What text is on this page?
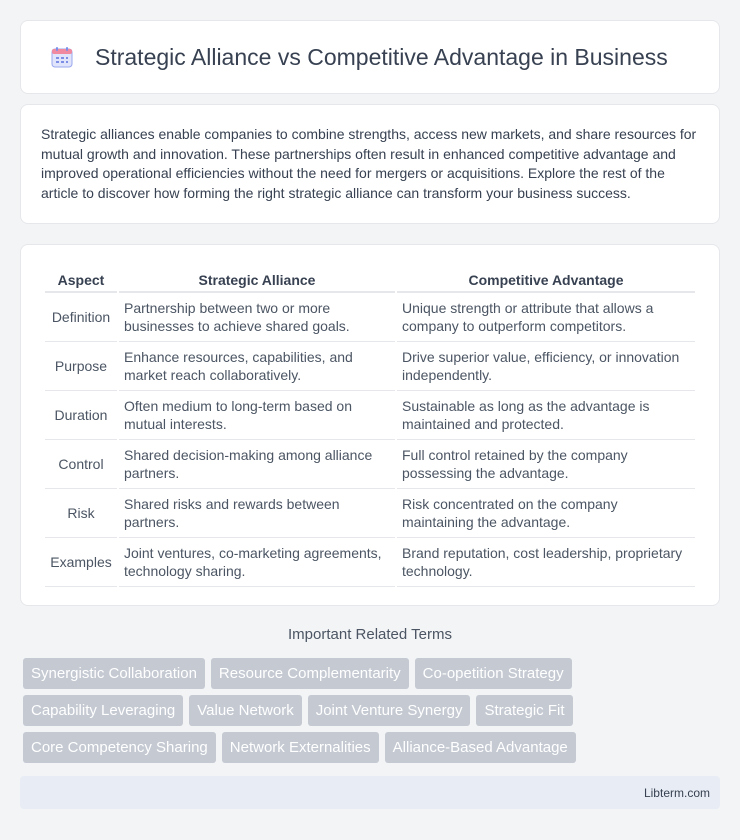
Strategic Alliance vs Competitive Advantage in Business

Strategic alliances enable companies to combine strengths, access new markets, and share resources for mutual growth and innovation. These partnerships often result in enhanced competitive advantage and improved operational efficiencies without the need for mergers or acquisitions. Explore the rest of the article to discover how forming the right strategic alliance can transform your business success.

Aspect	Strategic Alliance	Competitive Advantage
Definition	Partnership between two or more businesses to achieve shared goals.	Unique strength or attribute that allows a company to outperform competitors.
Purpose	Enhance resources, capabilities, and market reach collaboratively.	Drive superior value, efficiency, or innovation independently.
Duration	Often medium to long-term based on mutual interests.	Sustainable as long as the advantage is maintained and protected.
Control	Shared decision-making among alliance partners.	Full control retained by the company possessing the advantage.
Risk	Shared risks and rewards between partners.	Risk concentrated on the company maintaining the advantage.
Examples	Joint ventures, co-marketing agreements, technology sharing.	Brand reputation, cost leadership, proprietary technology.
Important Related Terms
Synergistic Collaboration	Resource Complementarity	Co-opetition Strategy
Capability Leveraging	Value Network	Joint Venture Synergy	Strategic Fit
Core Competency Sharing	Network Externalities	Alliance-Based Advantage
Libterm.com
